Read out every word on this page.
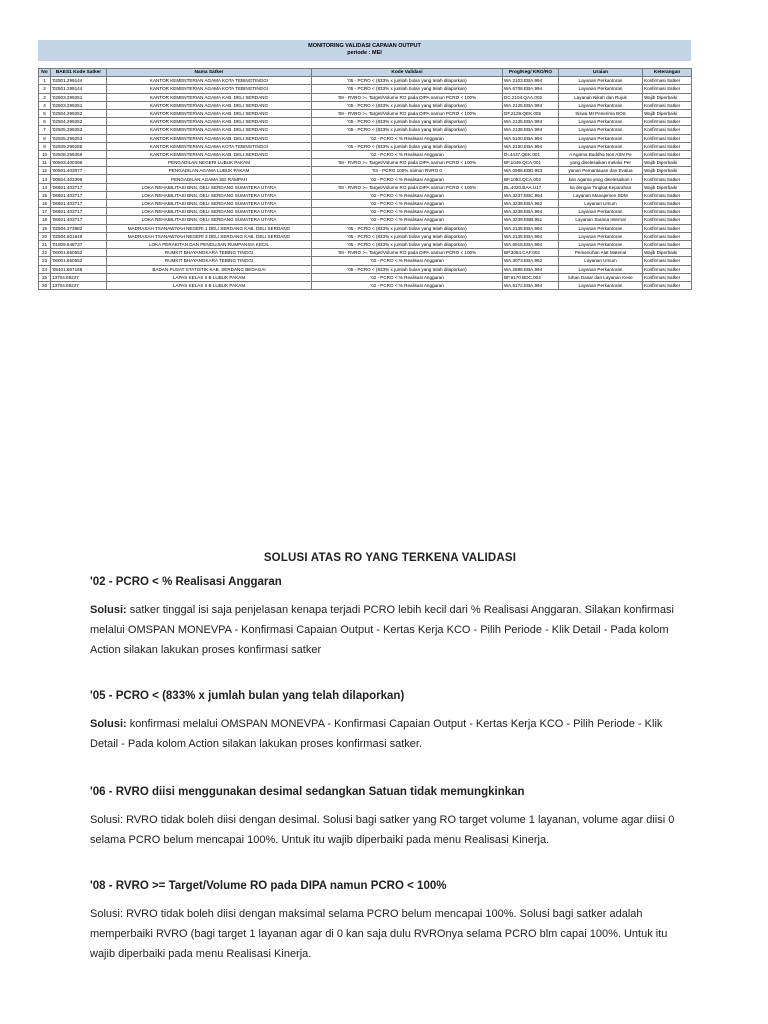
MONITORING VALIDASI CAPAIAN OUTPUT
periode : MEI
No	BAES1 Kode Satker	Nama Satker	Kode Validasi	Prog/Keg/ KRO/RO	Uraian	Keterangan
1	'02501.299144	KANTOR KEMENTERIAN AGAMA KOTA TEBINGTINGGI	'05 - PCRO < (833% x jumlah bulan yang telah dilaporkan)	WA.2103.EBA.994	Layanan Perkantoran	Konfirmasi Satker
2	'02501.299144	KANTOR KEMENTERIAN AGAMA KOTA TEBINGTINGGI	'05 - PCRO < (833% x jumlah bulan yang telah dilaporkan)	WA.6708.EBA.994	Layanan Perkantoran	Konfirmasi Satker
3	'02503.299251	KANTOR KEMENTERIAN AGAMA KAB. DELI SERDANG	'08 - RVRO >= Target/Volume RO pada DIPA namun PCRO < 100%	DC.2104.QAA.002	Layanan Nikah dan Rujuk	Wajib Diperbaiki
4	'02503.299251	KANTOR KEMENTERIAN AGAMA KAB. DELI SERDANG	'05 - PCRO < (833% x jumlah bulan yang telah dilaporkan)	WA.2125.EBA.994	Layanan Perkantoran	Konfirmasi Satker
5	'02504.299252	KANTOR KEMENTERIAN AGAMA KAB. DELI SERDANG	'08 - RVRO >= Target/Volume RO pada DIPA namun PCRO < 100%	DF.2129.QEK.005	Siswa MI Penerima BOS	Wajib Diperbaiki
6	'02504.299252	KANTOR KEMENTERIAN AGAMA KAB. DELI SERDANG	'05 - PCRO < (833% x jumlah bulan yang telah dilaporkan)	WA.2135.EBA.994	Layanan Perkantoran	Konfirmasi Satker
7	'02505.299253	KANTOR KEMENTERIAN AGAMA KAB. DELI SERDANG	'05 - PCRO < (833% x jumlah bulan yang telah dilaporkan)	WA.2138.EBA.994	Layanan Perkantoran	Konfirmasi Satker
8	'02505.299253	KANTOR KEMENTERIAN AGAMA KAB. DELI SERDANG	'02 - PCRO < % Realisasi Anggaran	WA.5100.EBA.994	Layanan Perkantoran	Konfirmasi Satker
9	'02509.299285	KANTOR KEMENTERIAN AGAMA KOTA TEBINGTINGGI	'05 - PCRO < (833% x jumlah bulan yang telah dilaporkan)	WA.2150.EBA.994	Layanan Perkantoran	Konfirmasi Satker
10	'02508.299359	KANTOR KEMENTERIAN AGAMA KAB. DELI SERDANG	'02 - PCRO < % Realisasi Anggaran	DI.4437.QEK.001	n Agama Buddha Non ASN Pe	Konfirmasi Satker
11	'00503.400396	PENGADILAN NEGERI LUBUK PAKAM	'08 - RVRO >= Target/Volume RO pada DIPA namun PCRO < 100%	BF.1049.QCA.001	yang diselesaikan melalui Per	Wajib Diperbaiki
12	'00501.403077	PENGADILAN AGAMA LUBUK PAKAM	'03 - PCRO 100% namun RVRO 0	WA.0986.EBD.953	yanan Pemantauan dan Evalua	Wajib Diperbaiki
13	'00504.403399	PENGADILAN AGAMA SEI RAMPAH	'02 - PCRO < % Realisasi Anggaran	BF.1053.QCA.002	kan Agama yang diselesaikan r	Konfirmasi Satker
14	'06601.403717	LOKA REHABILITASI BNN, DELI SERDANG SUMATERA UTARA	'08 - RVRO >= Target/Volume RO pada DIPA namun PCRO < 100%	BL.4020.BAA.U17	ka dengan Tingkat Keparahan	Wajib Diperbaiki
15	'06601.403717	LOKA REHABILITASI BNN, DELI SERDANG SUMATERA UTARA	'02 - PCRO < % Realisasi Anggaran	WA.3237.EBC.954	Layanan Manajemen SDM	Konfirmasi Satker
16	'06601.403717	LOKA REHABILITASI BNN, DELI SERDANG SUMATERA UTARA	'02 - PCRO < % Realisasi Anggaran	WA.3239.EBA.962	Layanan Umum	Konfirmasi Satker
17	'06601.403717	LOKA REHABILITASI BNN, DELI SERDANG SUMATERA UTARA	'02 - PCRO < % Realisasi Anggaran	WA.3239.EBA.994	Layanan Perkantoran	Konfirmasi Satker
18	'06601.403717	LOKA REHABILITASI BNN, DELI SERDANG SUMATERA UTARA	'02 - PCRO < % Realisasi Anggaran	WA.3239.EBB.951	Layanan Sarana Internal	Konfirmasi Satker
19	'02504.373982	MADRASAH TSANAWIYAH NEGERI 1 DELI SERDANG KAB. DELI SERDANG	'05 - PCRO < (833% x jumlah bulan yang telah dilaporkan)	WA.2135.EBA.994	Layanan Perkantoran	Konfirmasi Satker
20	'02504.601649	MADRASAH TSANAWIYAH NEGERI 3 DELI SERDANG KAB. DELI SERDANG	'05 - PCRO < (833% x jumlah bulan yang telah dilaporkan)	WA.2135.EBA.994	Layanan Perkantoran	Konfirmasi Satker
21	'01809.648737	LOKA PERAKITAN DAN PENGUJIAN RUMPANSIA KECIL	'05 - PCRO < (833% x jumlah bulan yang telah dilaporkan)	WA.6918.EBA.994	Layanan Perkantoran	Konfirmasi Satker
22	'06001.650552	RUMKIT BHAYANGKARA TEBING TINGGI	'08 - RVRO >= Target/Volume RO pada DIPA namun PCRO < 100%	BP.3084.CAF.002	Pemenuhan Alat Material	Wajib Diperbaiki
23	'06001.650552	RUMKIT BHAYANGKARA TEBING TINGGI	'02 - PCRO < % Realisasi Anggaran	WA.3073.EBA.962	Layanan Umum	Konfirmasi Satker
24	'05401.667168	BADAN PUSAT STATISTIK KAB. SERDANG BEDAGAI	'05 - PCRO < (833% x jumlah bulan yang telah dilaporkan)	WA.2886.EBA.994	Layanan Perkantoran	Konfirmasi Satker
25	13704.69227	LAPAS KELAS II B LUBUK PAKAM	'02 - PCRO < % Realisasi Anggaran	BF.6170.BDC.004	luhan Dasar dan Layanan Kese	Konfirmasi Satker
26	13704.69227	LAPAS KELAS II B LUBUK PAKAM	'02 - PCRO < % Realisasi Anggaran	WA.6172.EBA.994	Layanan Perkantoran	Konfirmasi Satker
SOLUSI ATAS RO YANG TERKENA VALIDASI
'02 - PCRO < % Realisasi Anggaran

Solusi: satker tinggal isi saja penjelasan kenapa terjadi PCRO lebih kecil dari % Realisasi Anggaran. Silakan konfirmasi melalui OMSPAN MONEVPA - Konfirmasi Capaian Output - Kertas Kerja KCO - Pilih Periode - Klik Detail - Pada kolom Action silakan lakukan proses konfirmasi satker

'05 - PCRO < (833% x jumlah bulan yang telah dilaporkan)

Solusi: konfirmasi melalui OMSPAN MONEVPA - Konfirmasi Capaian Output - Kertas Kerja KCO - Pilih Periode - Klik Detail - Pada kolom Action silakan lakukan proses konfirmasi satker.

'06 - RVRO diisi menggunakan desimal sedangkan Satuan tidak memungkinkan

Solusi: RVRO tidak boleh diisi dengan desimal. Solusi bagi satker yang RO target volume 1 layanan, volume agar diisi 0 selama PCRO belum mencapai 100%. Untuk itu wajib diperbaiki pada menu Realisasi Kinerja.

'08 - RVRO >= Target/Volume RO pada DIPA namun PCRO < 100%

Solusi: RVRO tidak boleh diisi dengan maksimal selama PCRO belum mencapai 100%. Solusi bagi satker adalah memperbaiki RVRO (bagi target 1 layanan agar di 0 kan saja dulu RVROnya selama PCRO blm capai 100%. Untuk itu wajib diperbaiki pada menu Realisasi Kinerja.
